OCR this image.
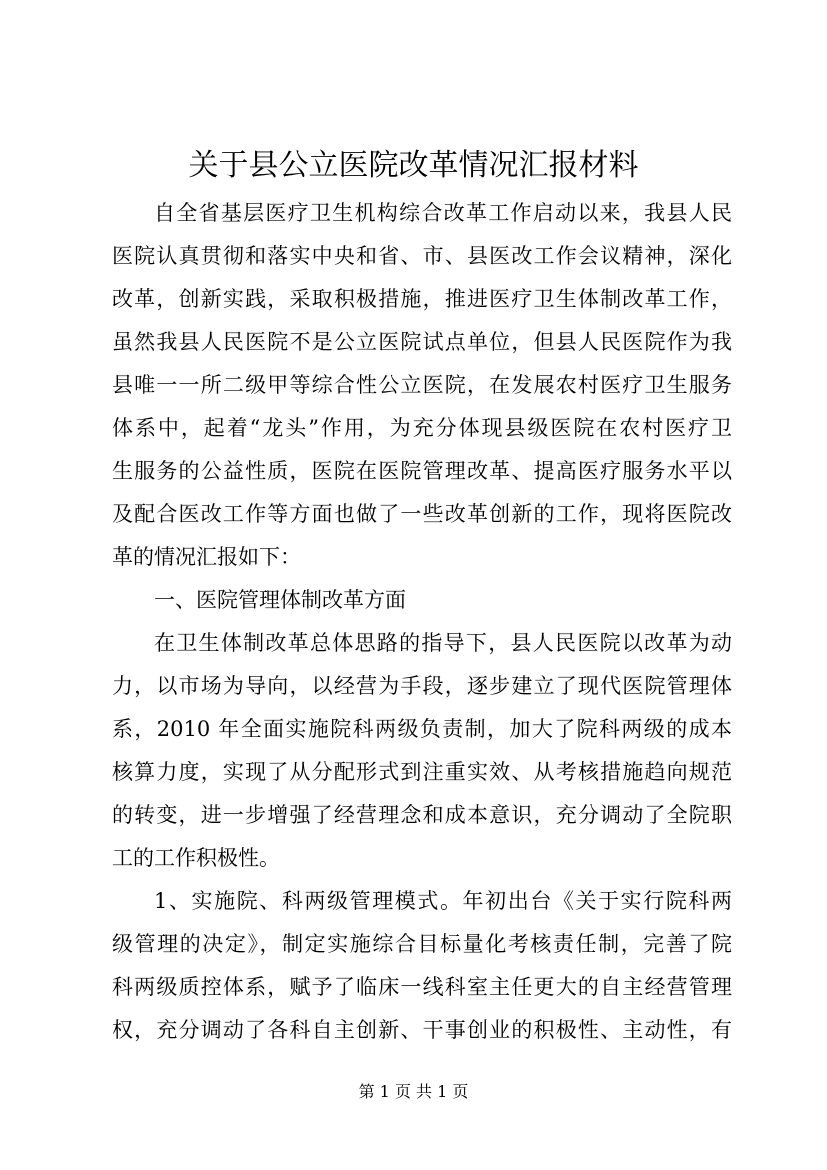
关于县公立医院改革情况汇报材料
自全省基层医疗卫生机构综合改革工作启动以来，我县人民
医院认真贯彻和落实中央和省、市、县医改工作会议精神，深化
改革，创新实践，采取积极措施，推进医疗卫生体制改革工作，
虽然我县人民医院不是公立医院试点单位，但县人民医院作为我
县唯一一所二级甲等综合性公立医院，在发展农村医疗卫生服务
体系中，起着“龙头”作用，为充分体现县级医院在农村医疗卫
生服务的公益性质，医院在医院管理改革、提高医疗服务水平以
及配合医改工作等方面也做了一些改革创新的工作，现将医院改
革的情况汇报如下：
一、医院管理体制改革方面
在卫生体制改革总体思路的指导下，县人民医院以改革为动
力，以市场为导向，以经营为手段，逐步建立了现代医院管理体
系，2010 年全面实施院科两级负责制，加大了院科两级的成本
核算力度，实现了从分配形式到注重实效、从考核措施趋向规范
的转变，进一步增强了经营理念和成本意识，充分调动了全院职
工的工作积极性。
1、实施院、科两级管理模式。年初出台《关于实行院科两
级管理的决定》，制定实施综合目标量化考核责任制，完善了院
科两级质控体系，赋予了临床一线科室主任更大的自主经营管理
权，充分调动了各科自主创新、干事创业的积极性、主动性，有
第 1 页 共 1 页
